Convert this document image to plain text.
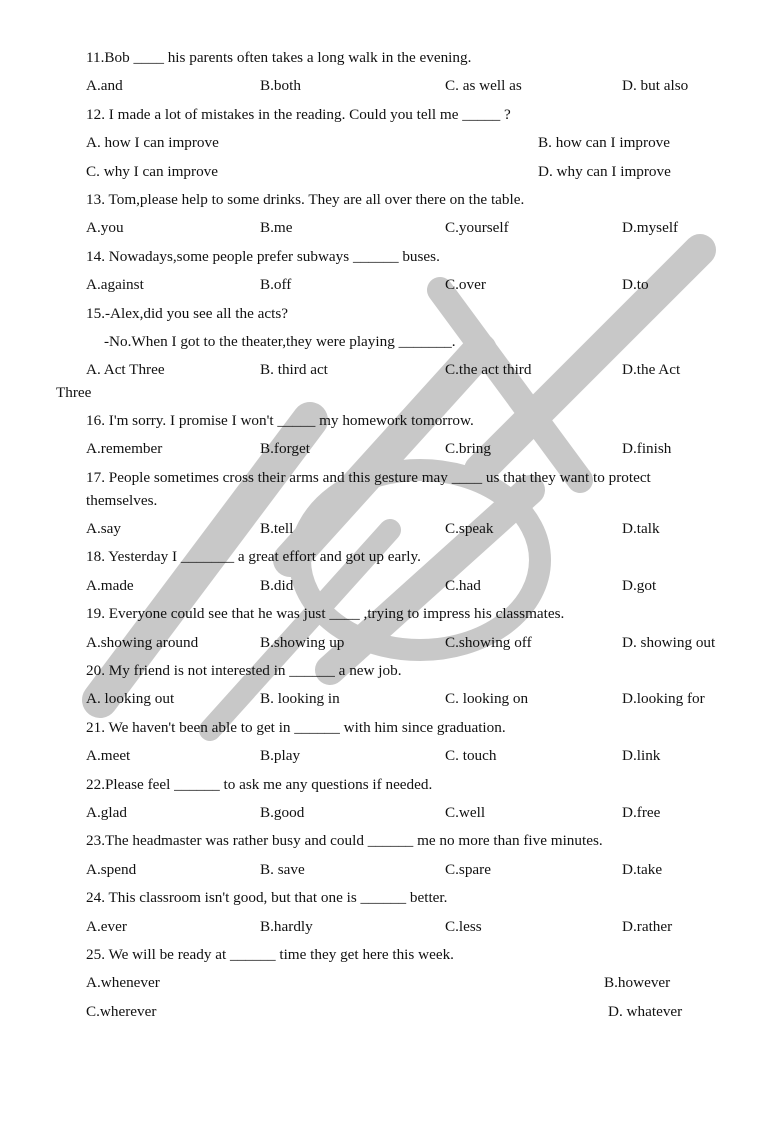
11.Bob ____ his parents often takes a long walk in the evening.
A.and	B.both	C. as well as	D. but also
12. I made a lot of mistakes in the reading. Could you tell me _____ ?
A. how I can improve	B. how can I improve
C. why I can improve	D. why can I improve
13. Tom,please help to some drinks. They are all over there on the table.
A.you	B.me	C.yourself	D.myself
14. Nowadays,some people prefer subways ______ buses.
A.against	B.off	C.over	D.to
15.-Alex,did you see all the acts?
-No.When I got to the theater,they were playing _______.
A. Act Three	B. third act	C.the act third	D.the Act
Three
16. I'm sorry. I promise I won't _____ my homework tomorrow.
A.remember	B.forget	C.bring	D.finish
17. People sometimes cross their arms and this gesture may ____ us that they want to protect
themselves.
A.say	B.tell	C.speak	D.talk
18. Yesterday I _______ a great effort and got up early.
A.made	B.did	C.had	D.got
19. Everyone could see that he was just ____ ,trying to impress his classmates.
A.showing around	B.showing up	C.showing off	D. showing out
20. My friend is not interested in ______ a new job.
A. looking out	B. looking in	C. looking on	D.looking for
21. We haven't been able to get in ______ with him since graduation.
A.meet	B.play	C. touch	D.link
22.Please feel ______ to ask me any questions if needed.
A.glad	B.good	C.well	D.free
23.The headmaster was rather busy and could ______ me no more than five minutes.
A.spend	B. save	C.spare	D.take
24. This classroom isn't good, but that one is ______ better.
A.ever	B.hardly	C.less	D.rather
25. We will be ready at ______ time they get here this week.
A.whenever	B.however
C.wherever	D. whatever
